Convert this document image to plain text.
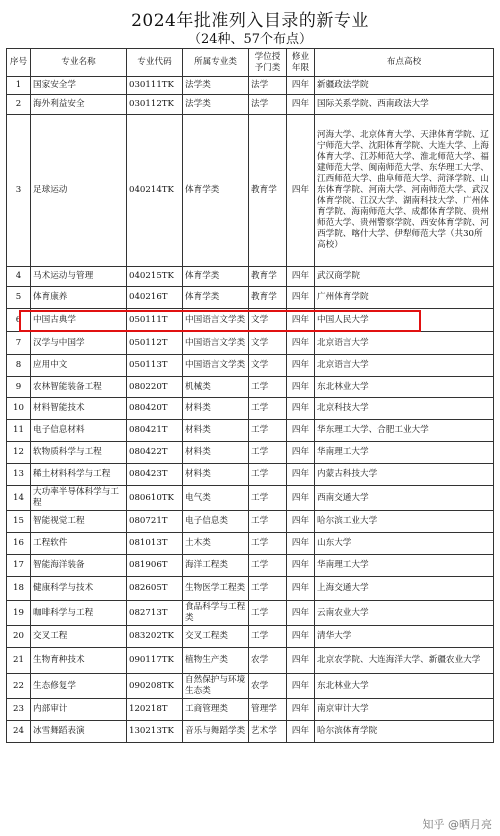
2024年批准列入目录的新专业
（24种、57个布点）
序号	专业名称	专业代码	所属专业类	学位授予门类	修业年限	布点高校
1	国家安全学	030111TK	法学类	法学	四年	新疆政法学院
2	海外利益安全	030112TK	法学类	法学	四年	国际关系学院、西南政法大学
3	足球运动	040214TK	体育学类	教育学	四年	河海大学、北京体育大学、天津体育学院、辽宁师范大学、沈阳体育学院、大连大学、上海体育大学、江苏师范大学、淮北师范大学、福建师范大学、闽南师范大学、东华理工大学、江西师范大学、曲阜师范大学、菏泽学院、山东体育学院、河南大学、河南师范大学、武汉体育学院、江汉大学、湖南科技大学、广州体育学院、海南师范大学、成都体育学院、贵州师范大学、贵州警察学院、西安体育学院、河西学院、喀什大学、伊犁师范大学（共30所高校）
4	马术运动与管理	040215TK	体育学类	教育学	四年	武汉商学院
5	体育康养	040216T	体育学类	教育学	四年	广州体育学院
6	中国古典学	050111T	中国语言文学类	文学	四年	中国人民大学
7	汉学与中国学	050112T	中国语言文学类	文学	四年	北京语言大学
8	应用中文	050113T	中国语言文学类	文学	四年	北京语言大学
9	农林智能装备工程	080220T	机械类	工学	四年	东北林业大学
10	材料智能技术	080420T	材料类	工学	四年	北京科技大学
11	电子信息材料	080421T	材料类	工学	四年	华东理工大学、合肥工业大学
12	软物质科学与工程	080422T	材料类	工学	四年	华南理工大学
13	稀土材料科学与工程	080423T	材料类	工学	四年	内蒙古科技大学
14	大功率半导体科学与工程	080610TK	电气类	工学	四年	西南交通大学
15	智能视觉工程	080721T	电子信息类	工学	四年	哈尔滨工业大学
16	工程软件	081013T	土木类	工学	四年	山东大学
17	智能海洋装备	081906T	海洋工程类	工学	四年	华南理工大学
18	健康科学与技术	082605T	生物医学工程类	工学	四年	上海交通大学
19	咖啡科学与工程	082713T	食品科学与工程类	工学	四年	云南农业大学
20	交叉工程	083202TK	交叉工程类	工学	四年	清华大学
21	生物育种技术	090117TK	植物生产类	农学	四年	北京农学院、大连海洋大学、新疆农业大学
22	生态修复学	090208TK	自然保护与环境生态类	农学	四年	东北林业大学
23	内部审计	120218T	工商管理类	管理学	四年	南京审计大学
24	冰雪舞蹈表演	130213TK	音乐与舞蹈学类	艺术学	四年	哈尔滨体育学院
知乎 @晒月亮
